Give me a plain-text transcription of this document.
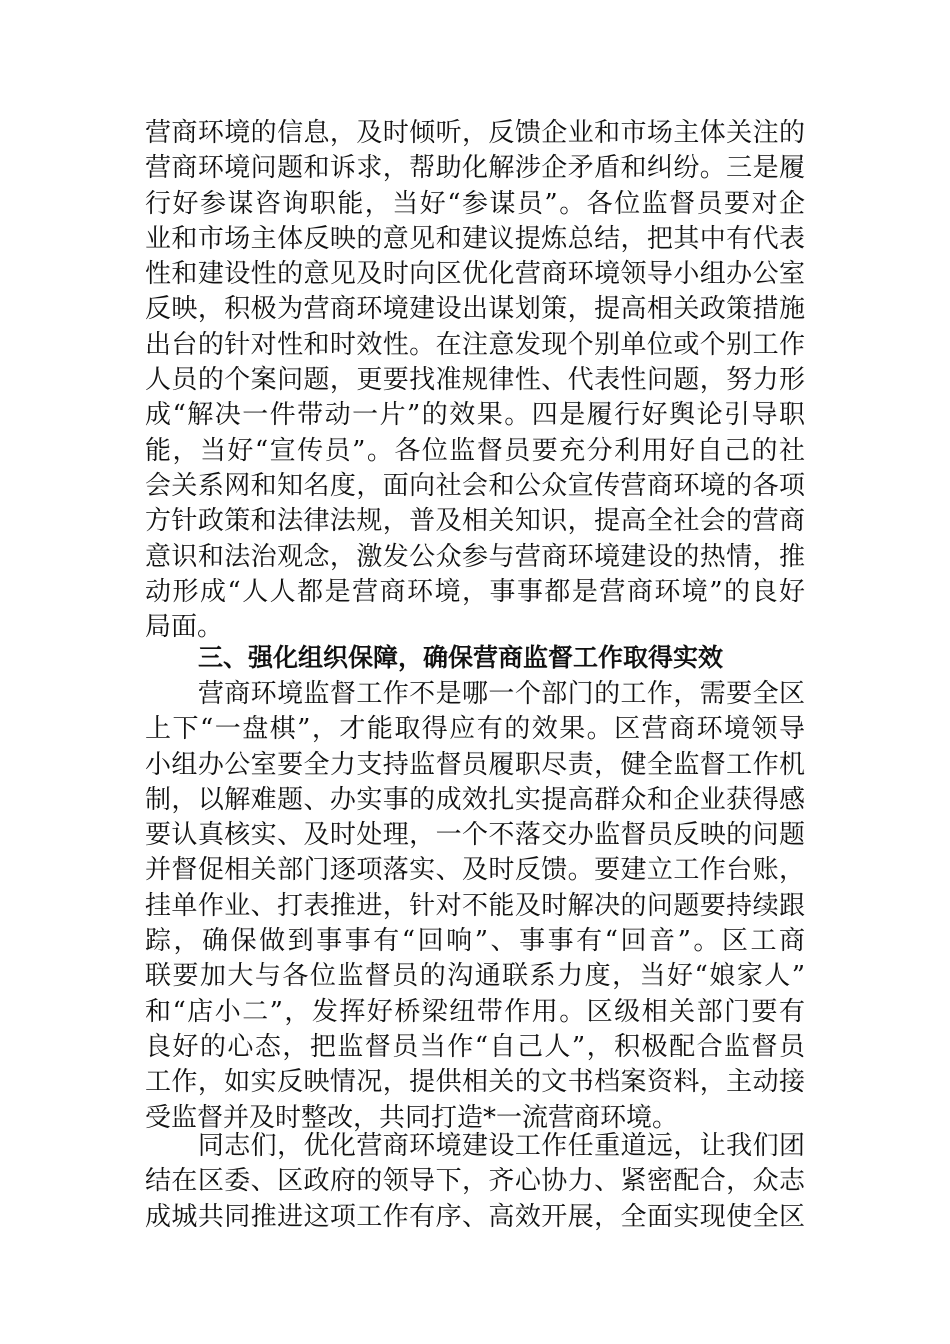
营商环境的信息，及时倾听，反馈企业和市场主体关注的
营商环境问题和诉求，帮助化解涉企矛盾和纠纷。三是履
行好参谋咨询职能，当好“参谋员”。各位监督员要对企
业和市场主体反映的意见和建议提炼总结，把其中有代表
性和建设性的意见及时向区优化营商环境领导小组办公室
反映，积极为营商环境建设出谋划策，提高相关政策措施
出台的针对性和时效性。在注意发现个别单位或个别工作
人员的个案问题，更要找准规律性、代表性问题，努力形
成“解决一件带动一片”的效果。四是履行好舆论引导职
能，当好“宣传员”。各位监督员要充分利用好自己的社
会关系网和知名度，面向社会和公众宣传营商环境的各项
方针政策和法律法规，普及相关知识，提高全社会的营商
意识和法治观念，激发公众参与营商环境建设的热情，推
动形成“人人都是营商环境，事事都是营商环境”的良好
局面。
三、强化组织保障，确保营商监督工作取得实效
　　营商环境监督工作不是哪一个部门的工作，需要全区
上下“一盘棋”，才能取得应有的效果。区营商环境领导
小组办公室要全力支持监督员履职尽责，健全监督工作机
制，以解难题、办实事的成效扎实提高群众和企业获得感
要认真核实、及时处理，一个不落交办监督员反映的问题
并督促相关部门逐项落实、及时反馈。要建立工作台账，
挂单作业、打表推进，针对不能及时解决的问题要持续跟
踪，确保做到事事有“回响”、事事有“回音”。区工商
联要加大与各位监督员的沟通联系力度，当好“娘家人”
和“店小二”，发挥好桥梁纽带作用。区级相关部门要有
良好的心态，把监督员当作“自己人”，积极配合监督员
工作，如实反映情况，提供相关的文书档案资料，主动接
受监督并及时整改，共同打造*一流营商环境。
　　同志们，优化营商环境建设工作任重道远，让我们团
结在区委、区政府的领导下，齐心协力、紧密配合，众志
成城共同推进这项工作有序、高效开展，全面实现使全区
